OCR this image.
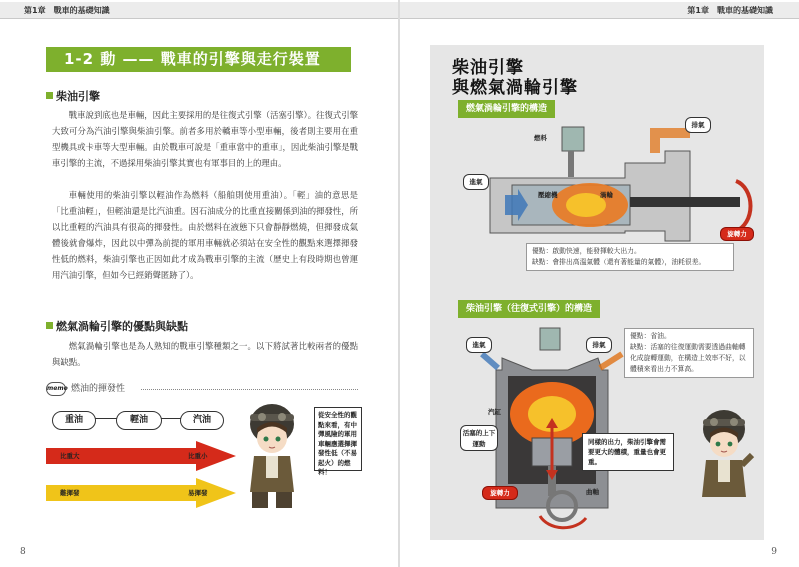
第1章　戰車的基礎知識
1-2 動 —— 戰車的引擎與走行裝置
柴油引擎

戰車說到底也是車輛，因此主要採用的是往復式引擎（活塞引擎）。往復式引擎大致可分為汽油引擎與柴油引擎。前者多用於轎車等小型車輛，後者則主要用在重型機具或卡車等大型車輛。由於戰車可說是「重車當中的重車」，因此柴油引擎是戰車引擎的主流，不過採用柴油引擎其實也有軍事目的上的理由。

車輛使用的柴油引擎以輕油作為燃料（船舶則使用重油）。「輕」油的意思是「比重油輕」，但輕油還是比汽油重。因石油成分的比重直接關係到油的揮發性，所以比重輕的汽油具有很高的揮發性。由於燃料在液態下只會靜靜燃燒，但揮發成氣體後就會爆炸，因此以中彈為前提的軍用車輛就必須站在安全性的觀點來選擇揮發性低的燃料，柴油引擎也正因如此才成為戰車引擎的主流（歷史上有段時期也曾運用汽油引擎，但如今已經銷聲匿跡了）。

燃氣渦輪引擎的優點與缺點

燃氣渦輪引擎也是為人熟知的戰車引擎種類之一。以下將試著比較兩者的優點與缺點。

memo 燃油的揮發性
重油	輕油	汽油
比重大	比重小
難揮發	易揮發
從安全性的觀點來看，有中彈風險的軍用車輛應選擇揮發性低（不易起火）的燃料！
8
第1章　戰車的基礎知識
柴油引擎
與燃氣渦輪引擎
燃氣渦輪引擎的構造
燃料
進氣
排氣
壓縮機	渦輪
旋轉力
優點：啟動快速，能發揮較大出力。
缺點：會排出高溫氣體（還有著能量的氣體），油耗很差。
柴油引擎（往復式引擎）的構造
優點：省油。
缺點：活塞的往復運動需要透過曲軸轉化成旋轉運動，在構造上效率不好，以體積來看出力不算高。
進氣	排氣
汽缸
活塞的上下運動
旋轉力	曲軸
同樣的出力，柴油引擎會需要更大的體積，重量也會更重。
9
